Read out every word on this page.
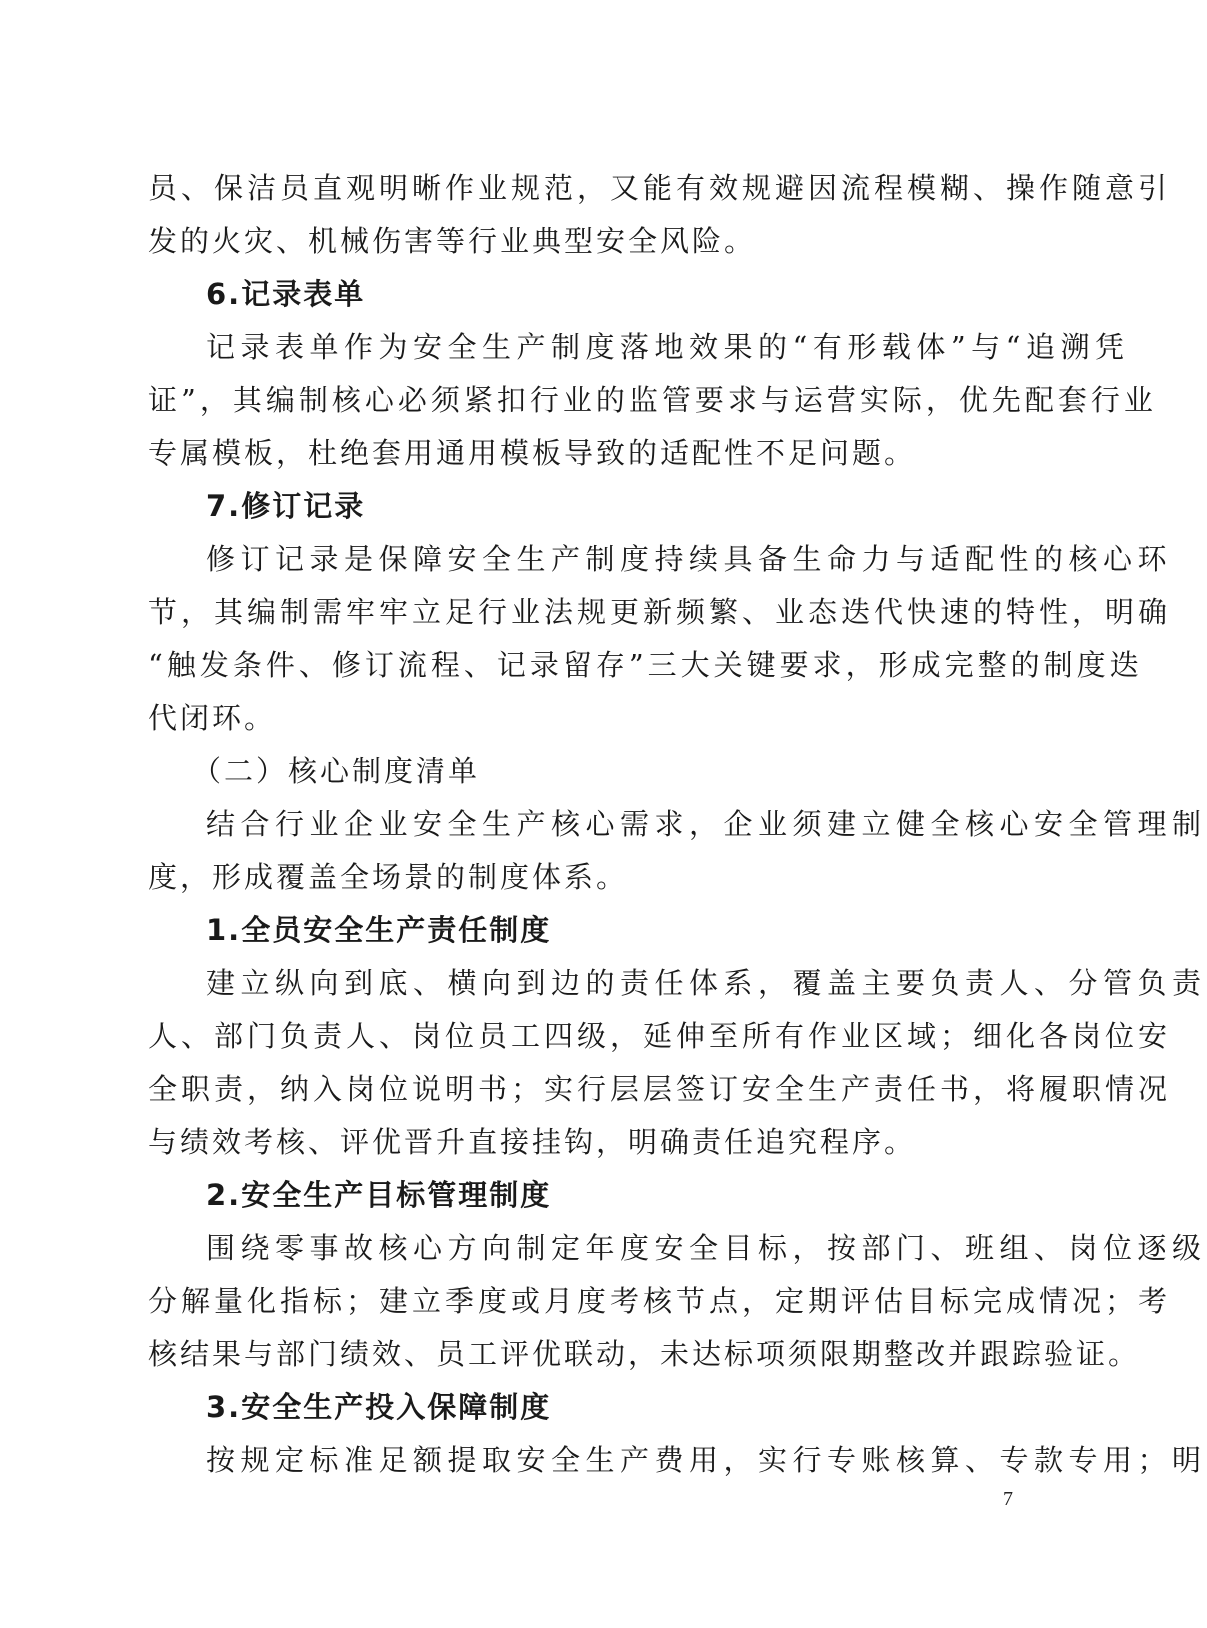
员、保洁员直观明晰作业规范，又能有效规避因流程模糊、操作随意引
发的火灾、机械伤害等行业典型安全风险。
6.记录表单
记录表单作为安全生产制度落地效果的“有形载体”与“追溯凭
证”，其编制核心必须紧扣行业的监管要求与运营实际，优先配套行业
专属模板，杜绝套用通用模板导致的适配性不足问题。
7.修订记录
修订记录是保障安全生产制度持续具备生命力与适配性的核心环
节，其编制需牢牢立足行业法规更新频繁、业态迭代快速的特性，明确
“触发条件、修订流程、记录留存”三大关键要求，形成完整的制度迭
代闭环。
（二）核心制度清单
结合行业企业安全生产核心需求，企业须建立健全核心安全管理制
度，形成覆盖全场景的制度体系。
1.全员安全生产责任制度
建立纵向到底、横向到边的责任体系，覆盖主要负责人、分管负责
人、部门负责人、岗位员工四级，延伸至所有作业区域；细化各岗位安
全职责，纳入岗位说明书；实行层层签订安全生产责任书，将履职情况
与绩效考核、评优晋升直接挂钩，明确责任追究程序。
2.安全生产目标管理制度
围绕零事故核心方向制定年度安全目标，按部门、班组、岗位逐级
分解量化指标；建立季度或月度考核节点，定期评估目标完成情况；考
核结果与部门绩效、员工评优联动，未达标项须限期整改并跟踪验证。
3.安全生产投入保障制度
按规定标准足额提取安全生产费用，实行专账核算、专款专用；明
7
